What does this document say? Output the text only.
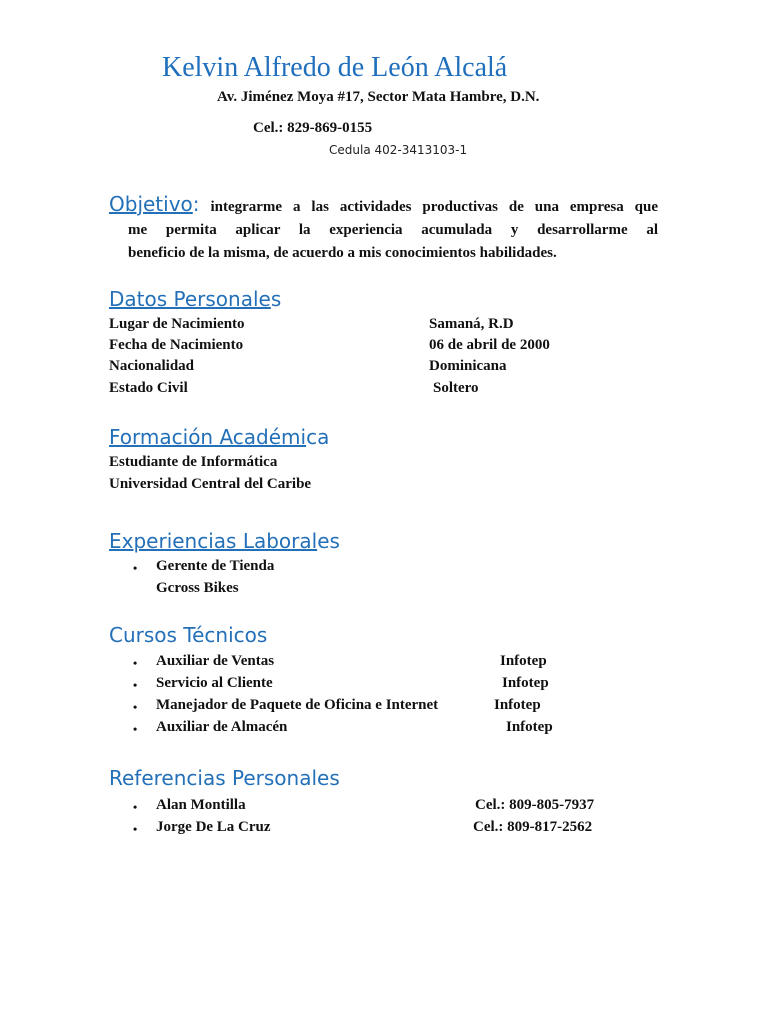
Kelvin Alfredo de León Alcalá
Av. Jiménez Moya #17, Sector Mata Hambre, D.N.
Cel.: 829-869-0155
Cedula 402-3413103-1
Objetivo: integrarme a las actividades productivas de una empresa que
me permita aplicar la experiencia acumulada y desarrollarme al
beneficio de la misma, de acuerdo a mis conocimientos habilidades.
Datos Personales
Lugar de Nacimiento	Samaná, R.D
Fecha de Nacimiento	06 de abril de 2000
Nacionalidad	Dominicana
Estado Civil	Soltero
Formación Académica
Estudiante de Informática
Universidad Central del Caribe
Experiencias Laborales
• Gerente de Tienda
Gcross Bikes
Cursos Técnicos
• Auxiliar de Ventas	Infotep
• Servicio al Cliente	Infotep
• Manejador de Paquete de Oficina e Internet	Infotep
• Auxiliar de Almacén	Infotep
Referencias Personales
• Alan Montilla	Cel.: 809-805-7937
• Jorge De La Cruz	Cel.: 809-817-2562
